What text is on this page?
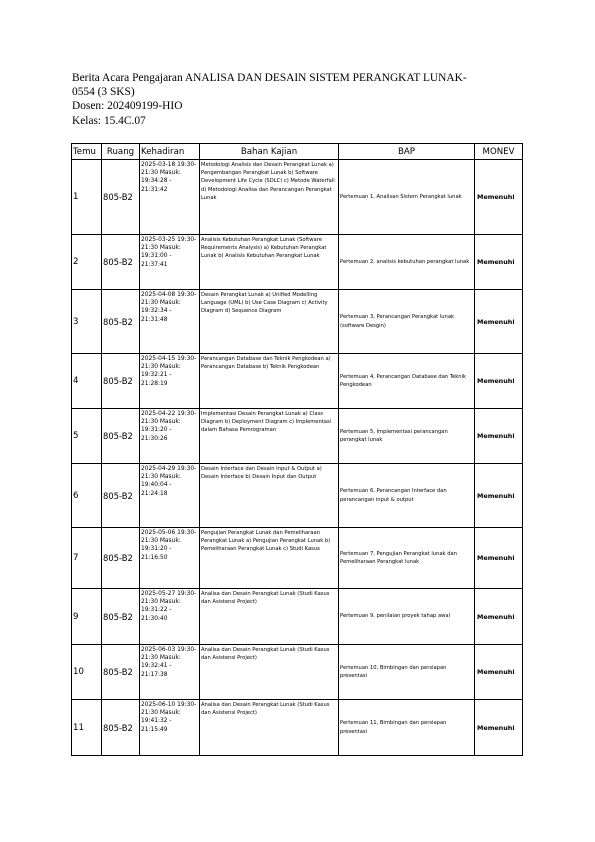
Berita Acara Pengajaran ANALISA DAN DESAIN SISTEM PERANGKAT LUNAK-
0554 (3 SKS)
Dosen: 202409199-HIO
Kelas: 15.4C.07
Temu	Ruang	Kehadiran	Bahan Kajian	BAP	MONEV
1	805-B2	2025-03-18 19:30-21:30 Masuk: 19:34:28 - 21:31:42	Metodologi Analisis dan Desain Perangkat Lunak a) Pengembangan Perangkat Lunak b) Software Development Life Cycle (SDLC) c) Metode Waterfall d) Metodologi Analisa dan Perancangan Perangkat Lunak	Pertemuan 1, Analisan Sistem Perangkat lunak	Memenuhi
2	805-B2	2025-03-25 19:30-21:30 Masuk: 19:31:00 - 21:37:41	Analisis Kebutuhan Perangkat Lunak (Software Requirements Analysis) a) Kebutuhan Perangkat Lunak b) Analisis Kebutuhan Perangkat Lunak	Pertemuan 2, analisis kebutuhan perangkat lunak	Memenuhi
3	805-B2	2025-04-08 19:30-21:30 Masuk: 19:32:34 - 21:31:48	Desain Perangkat Lunak a) Unified Modelling Language (UML) b) Use Case Diagram c) Activity Diagram d) Sequence Diagram	Pertemuan 3, Perancangan Perangkat lunak (software Desgin)	Memenuhi
4	805-B2	2025-04-15 19:30-21:30 Masuk: 19:32:21 - 21:28:19	Perancangan Database dan Teknik Pengkodean a) Perancangan Database b) Teknik Pengkodean	Pertemuan 4, Perancangan Database dan Teknik Pengkodean	Memenuhi
5	805-B2	2025-04-22 19:30-21:30 Masuk: 19:31:20 - 21:30:26	Implementasi Desain Perangkat Lunak a) Class Diagram b) Deployment Diagram c) Implementasi dalam Bahasa Pemrograman	Pertemuan 5, Implementasi perancangan perangkat lunak	Memenuhi
6	805-B2	2025-04-29 19:30-21:30 Masuk: 19:40:04 - 21:24:18	Desain Interface dan Desain Input & Output a) Desain Interface b) Desain Input dan Output	Pertemuan 6, Perancangan Interface dan perancangan input & output	Memenuhi
7	805-B2	2025-05-06 19:30-21:30 Masuk: 19:31:20 - 21:16:50	Pengujian Perangkat Lunak dan Pemeliharaan Perangkat Lunak a) Pengujian Perangkat Lunak b) Pemeliharaan Perangkat Lunak c) Studi Kasus	Pertemuan 7, Pengujian Perangkat lunak dan Pemeliharaan Perangkat lunak	Memenuhi
9	805-B2	2025-05-27 19:30-21:30 Masuk: 19:31:22 - 21:30:40	Analisa dan Desain Perangkat Lunak (Studi Kasus dan Asistensi Project)	Pertemuan 9, penilaian proyek tahap awal	Memenuhi
10	805-B2	2025-06-03 19:30-21:30 Masuk: 19:32:41 - 21:17:38	Analisa dan Desain Perangkat Lunak (Studi Kasus dan Asistensi Project)	Pertemuan 10, Bimbingan dan persiapan presentasi	Memenuhi
11	805-B2	2025-06-10 19:30-21:30 Masuk: 19:41:32 - 21:15:49	Analisa dan Desain Perangkat Lunak (Studi Kasus dan Asistensi Project)	Pertemuan 11, Bimbingan dan persiapan presentasi	Memenuhi
